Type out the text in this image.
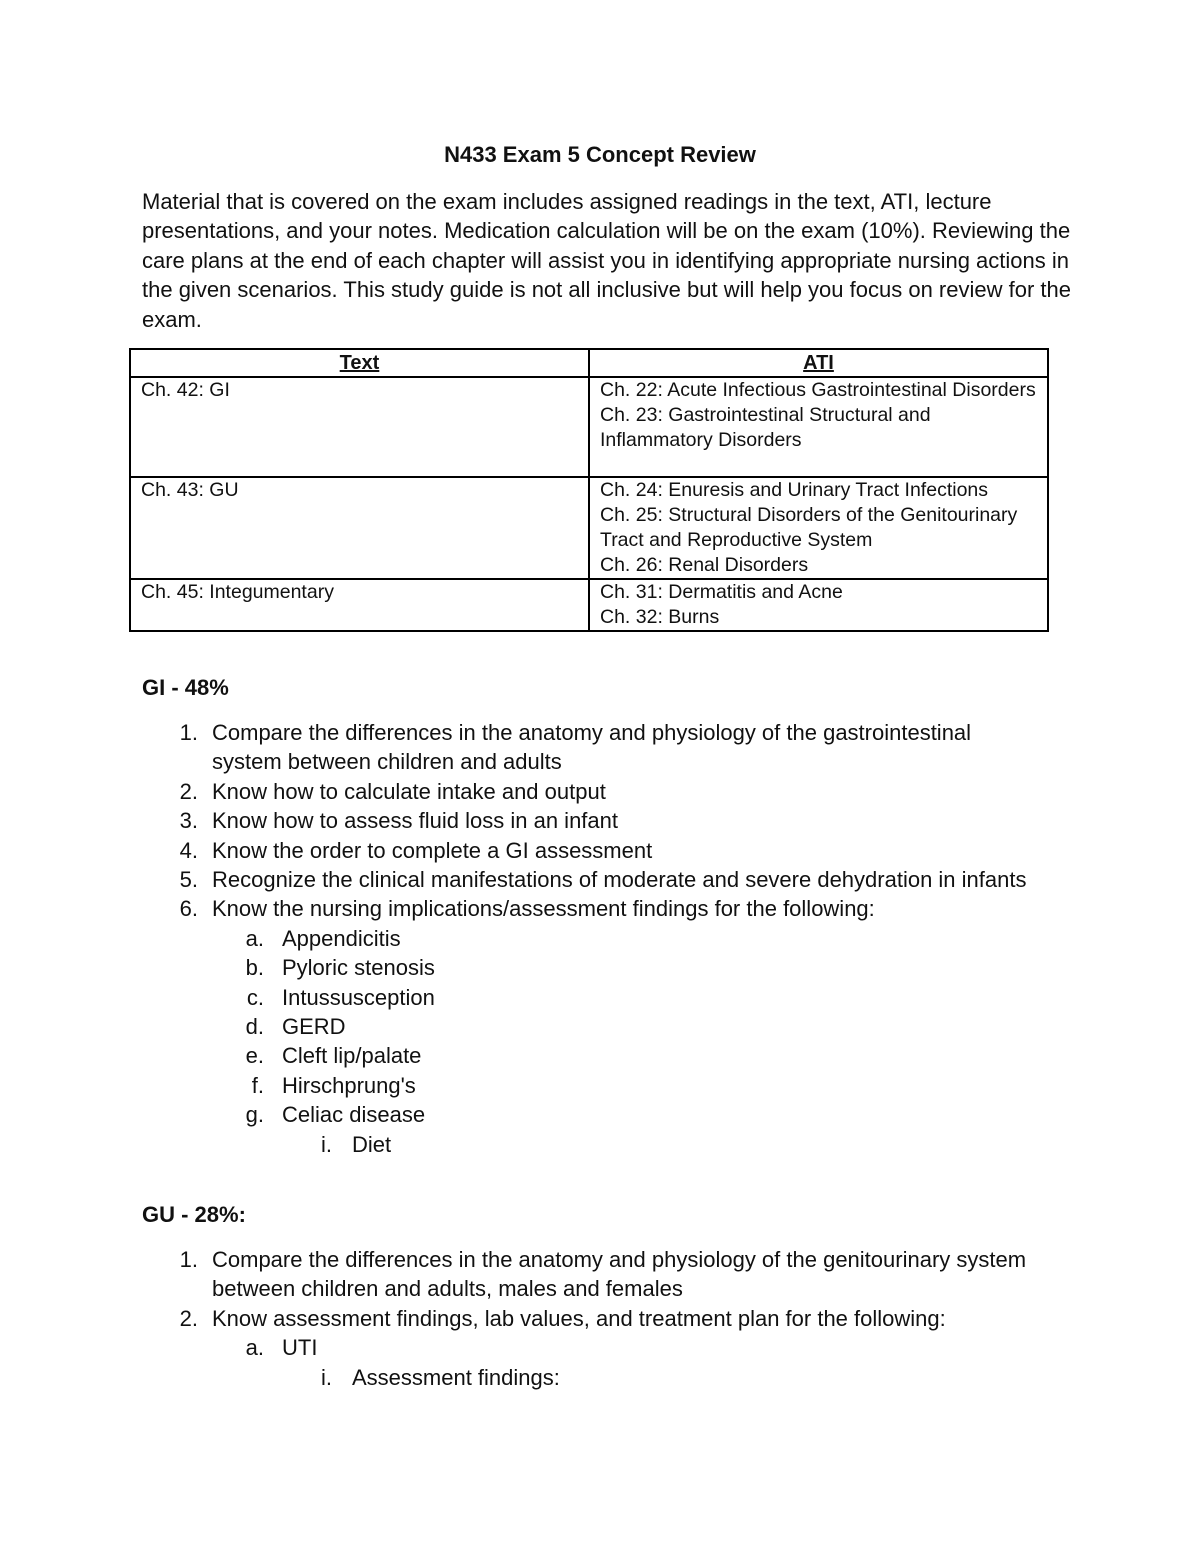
N433 Exam 5 Concept Review

Material that is covered on the exam includes assigned readings in the text, ATI, lecture presentations, and your notes. Medication calculation will be on the exam (10%). Reviewing the care plans at the end of each chapter will assist you in identifying appropriate nursing actions in the given scenarios. This study guide is not all inclusive but will help you focus on review for the exam.

Text	ATI
Ch. 42: GI	Ch. 22: Acute Infectious Gastrointestinal Disorders
Ch. 23: Gastrointestinal Structural and Inflammatory Disorders

Ch. 43: GU	Ch. 24: Enuresis and Urinary Tract Infections
Ch. 25: Structural Disorders of the Genitourinary Tract and Reproductive System
Ch. 26: Renal Disorders

Ch. 45: Integumentary	Ch. 31: Dermatitis and Acne
Ch. 32: Burns
GI - 48%
1. Compare the differences in the anatomy and physiology of the gastrointestinal system between children and adults
2. Know how to calculate intake and output
3. Know how to assess fluid loss in an infant
4. Know the order to complete a GI assessment
5. Recognize the clinical manifestations of moderate and severe dehydration in infants
6. Know the nursing implications/assessment findings for the following:
a. Appendicitis
b. Pyloric stenosis
c. Intussusception
d. GERD
e. Cleft lip/palate
f. Hirschprung's
g. Celiac disease
i. Diet
GU - 28%:
1. Compare the differences in the anatomy and physiology of the genitourinary system between children and adults, males and females
2. Know assessment findings, lab values, and treatment plan for the following:
a. UTI
i. Assessment findings:
